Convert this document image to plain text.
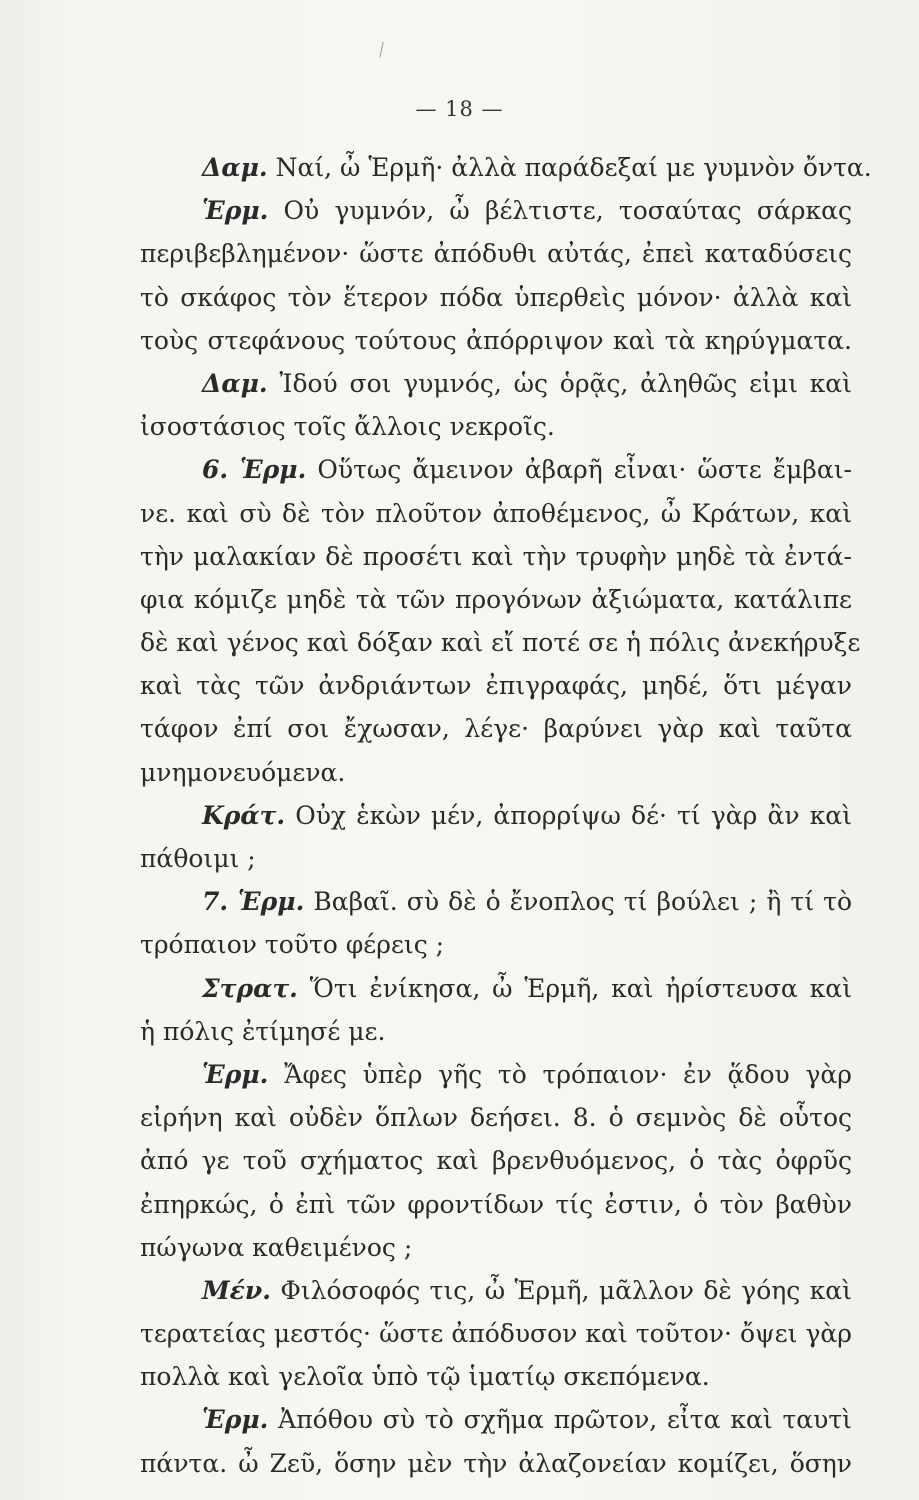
— 18 —
Δαμ. Ναί, ὦ Ἑρμῆ· ἀλλὰ παράδεξαί με γυμνὸν ὄντα.
Ἑρμ. Οὐ γυμνόν, ὦ βέλτιστε, τοσαύτας σάρκας
περιβεβλημένον· ὥστε ἀπόδυθι αὐτάς, ἐπεὶ καταδύσεις
τὸ σκάφος τὸν ἕτερον πόδα ὑπερθεὶς μόνον· ἀλλὰ καὶ
τοὺς στεφάνους τούτους ἀπόρριψον καὶ τὰ κηρύγματα.
Δαμ. Ἰδού σοι γυμνός, ὡς ὁρᾷς, ἀληθῶς εἰμι καὶ
ἰσοστάσιος τοῖς ἄλλοις νεκροῖς.
6. Ἑρμ. Οὕτως ἄμεινον ἀβαρῆ εἶναι· ὥστε ἔμβαι-
νε. καὶ σὺ δὲ τὸν πλοῦτον ἀποθέμενος, ὦ Κράτων, καὶ
τὴν μαλακίαν δὲ προσέτι καὶ τὴν τρυφὴν μηδὲ τὰ ἐντά-
φια κόμιζε μηδὲ τὰ τῶν προγόνων ἀξιώματα, κατάλιπε
δὲ καὶ γένος καὶ δόξαν καὶ εἴ ποτέ σε ἡ πόλις ἀνεκήρυξε
καὶ τὰς τῶν ἀνδριάντων ἐπιγραφάς, μηδέ, ὅτι μέγαν
τάφον ἐπί σοι ἔχωσαν, λέγε· βαρύνει γὰρ καὶ ταῦτα
μνημονευόμενα.
Κράτ. Οὐχ ἑκὼν μέν, ἀπορρίψω δέ· τί γὰρ ἂν καὶ
πάθοιμι ;
7. Ἑρμ. Βαβαῖ. σὺ δὲ ὁ ἔνοπλος τί βούλει ; ἢ τί τὸ
τρόπαιον τοῦτο φέρεις ;
Στρατ. Ὅτι ἐνίκησα, ὦ Ἑρμῆ, καὶ ἠρίστευσα καὶ
ἡ πόλις ἐτίμησέ με.
Ἑρμ. Ἄφες ὑπὲρ γῆς τὸ τρόπαιον· ἐν ᾅδου γὰρ
εἰρήνη καὶ οὐδὲν ὅπλων δεήσει. 8. ὁ σεμνὸς δὲ οὗτος
ἀπό γε τοῦ σχήματος καὶ βρενθυόμενος, ὁ τὰς ὀφρῦς
ἐπηρκώς, ὁ ἐπὶ τῶν φροντίδων τίς ἐστιν, ὁ τὸν βαθὺν
πώγωνα καθειμένος ;
Μέν. Φιλόσοφός τις, ὦ Ἑρμῆ, μᾶλλον δὲ γόης καὶ
τερατείας μεστός· ὥστε ἀπόδυσον καὶ τοῦτον· ὄψει γὰρ
πολλὰ καὶ γελοῖα ὑπὸ τῷ ἱματίῳ σκεπόμενα.
Ἑρμ. Ἀπόθου σὺ τὸ σχῆμα πρῶτον, εἶτα καὶ ταυτὶ
πάντα. ὦ Ζεῦ, ὅσην μὲν τὴν ἀλαζονείαν κομίζει, ὅσην
